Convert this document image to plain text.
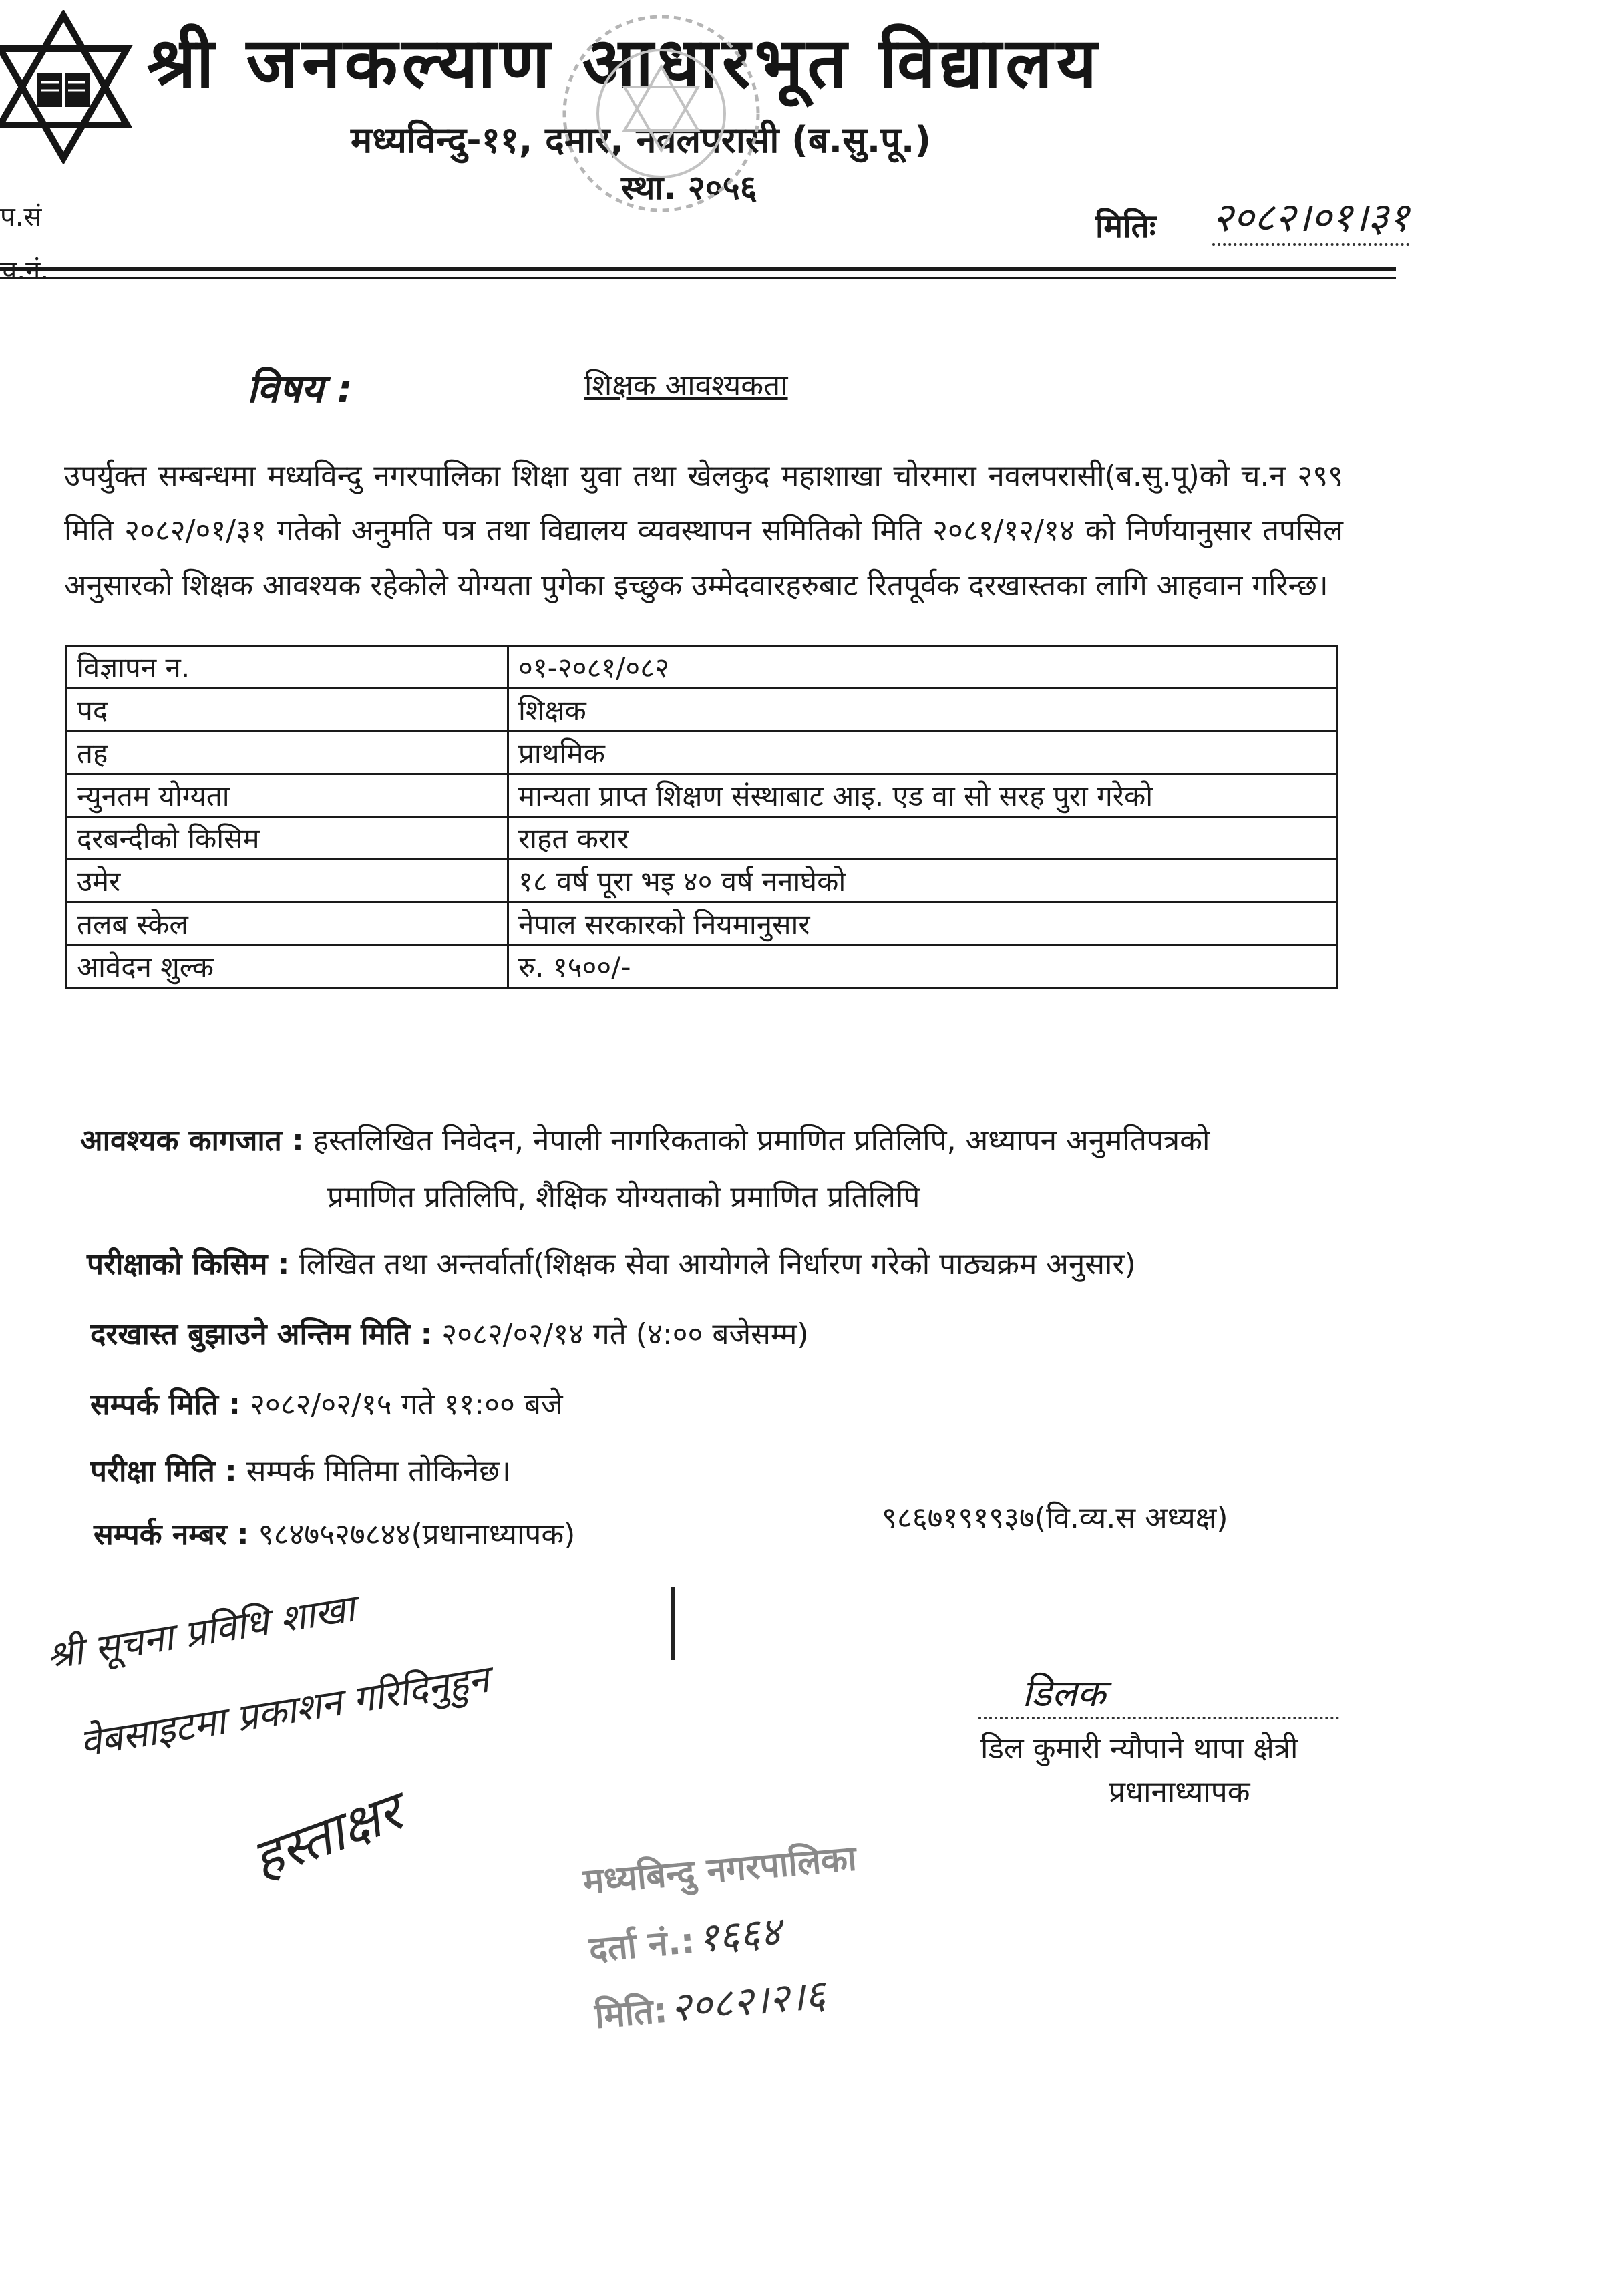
श्री जनकल्याण आधारभूत विद्यालय
मध्यविन्दु-११, दमार, नवलपरासी (ब.सु.पू.)
स्था. २०५६
प.सं	मितिः २०८२।०१।३१
विषय :	शिक्षक आवश्यकता
उपर्युक्त सम्बन्धमा मध्यविन्दु नगरपालिका शिक्षा युवा तथा खेलकुद महाशाखा चोरमारा नवलपरासी(ब.सु.पू)को च.न २९९ मिति २०८२/०१/३१ गतेको अनुमति पत्र तथा विद्यालय व्यवस्थापन समितिको मिति २०८१/१२/१४ को निर्णयानुसार तपसिल अनुसारको शिक्षक आवश्यक रहेकोले योग्यता पुगेका इच्छुक उम्मेदवारहरुबाट रितपूर्वक दरखास्तका लागि आहवान गरिन्छ।
विज्ञापन न.	०१-२०८१/०८२
पद	शिक्षक
तह	प्राथमिक
न्युनतम योग्यता	मान्यता प्राप्त शिक्षण संस्थाबाट आइ. एड वा सो सरह पुरा गरेको
दरबन्दीको किसिम	राहत करार
उमेर	१८ वर्ष पूरा भइ ४० वर्ष ननाघेको
तलब स्केल	नेपाल सरकारको नियमानुसार
आवेदन शुल्क	रु. १५००/-
आवश्यक कागजात : हस्तलिखित निवेदन, नेपाली नागरिकताको प्रमाणित प्रतिलिपि, अध्यापन अनुमतिपत्रको
प्रमाणित प्रतिलिपि, शैक्षिक योग्यताको प्रमाणित प्रतिलिपि
परीक्षाको किसिम : लिखित तथा अन्तर्वार्ता(शिक्षक सेवा आयोगले निर्धारण गरेको पाठ्यक्रम अनुसार)
दरखास्त बुझाउने अन्तिम मिति : २०८२/०२/१४ गते (४:०० बजेसम्म)
सम्पर्क मिति : २०८२/०२/१५ गते ११:०० बजे
परीक्षा मिति : सम्पर्क मितिमा तोकिनेछ।
सम्पर्क नम्बर : ९८४७५२७८४४(प्रधानाध्यापक)	९८६७१९१९३७(वि.व्य.स अध्यक्ष)
श्री सूचना प्रविधि शाखा
वेबसाइटमा प्रकाशन गरिदिनुहुन
हस्ताक्षर
डिलक
डिल कुमारी न्यौपाने थापा क्षेत्री
प्रधानाध्यापक
मध्यबिन्दु नगरपालिका
दर्ता नं.: १६६४
मिति: २०८२।२।६
